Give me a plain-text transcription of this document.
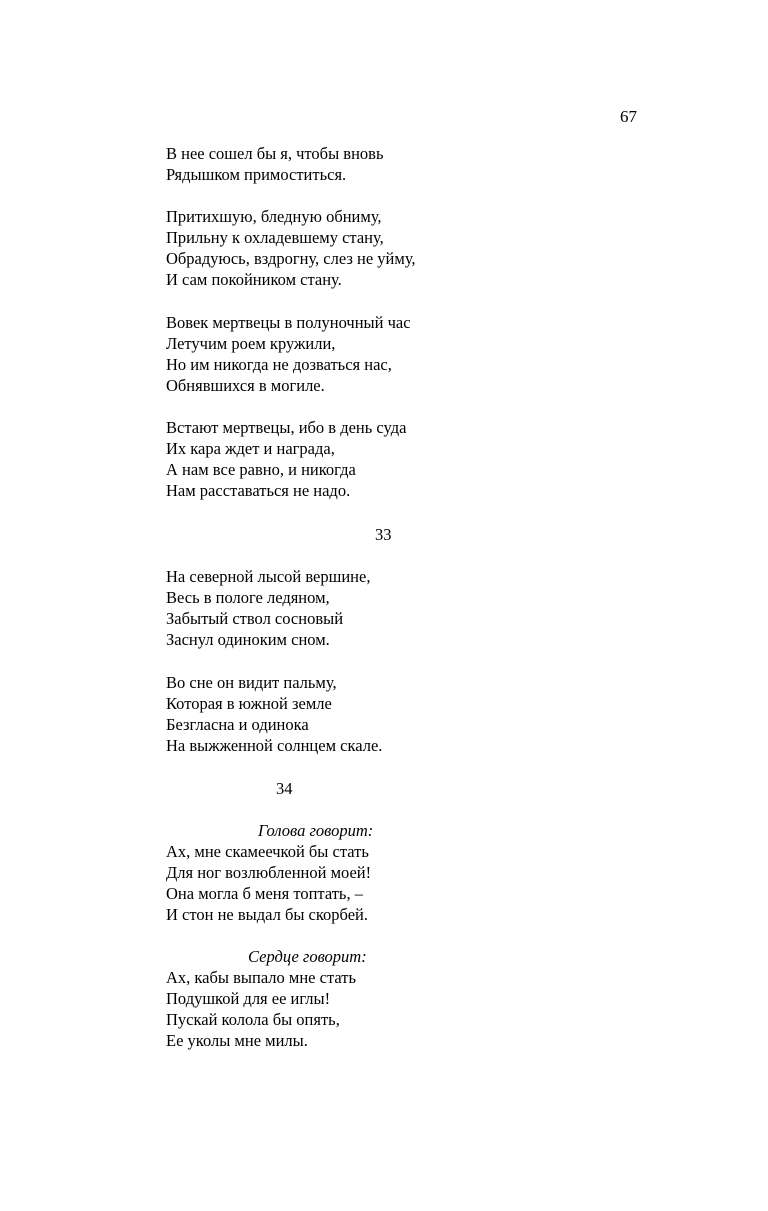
67
В нее сошел бы я, чтобы вновь
Рядышком примоститься.
Притихшую, бледную обниму,
Прильну к охладевшему стану,
Обрадуюсь, вздрогну, слез не уйму,
И сам покойником стану.
Вовек мертвецы в полуночный час
Летучим роем кружили,
Но им никогда не дозваться нас,
Обнявшихся в могиле.
Встают мертвецы, ибо в день суда
Их кара ждет и награда,
А нам все равно, и никогда
Нам расставаться не надо.
33
На северной лысой вершине,
Весь в пологе ледяном,
Забытый ствол сосновый
Заснул одиноким сном.
Во сне он видит пальму,
Которая в южной земле
Безгласна и одинока
На выжженной солнцем скале.
34
Голова говорит:
Ах, мне скамеечкой бы стать
Для ног возлюбленной моей!
Она могла б меня топтать, –
И стон не выдал бы скорбей.
Сердце говорит:
Ах, кабы выпало мне стать
Подушкой для ее иглы!
Пускай колола бы опять,
Ее уколы мне милы.
